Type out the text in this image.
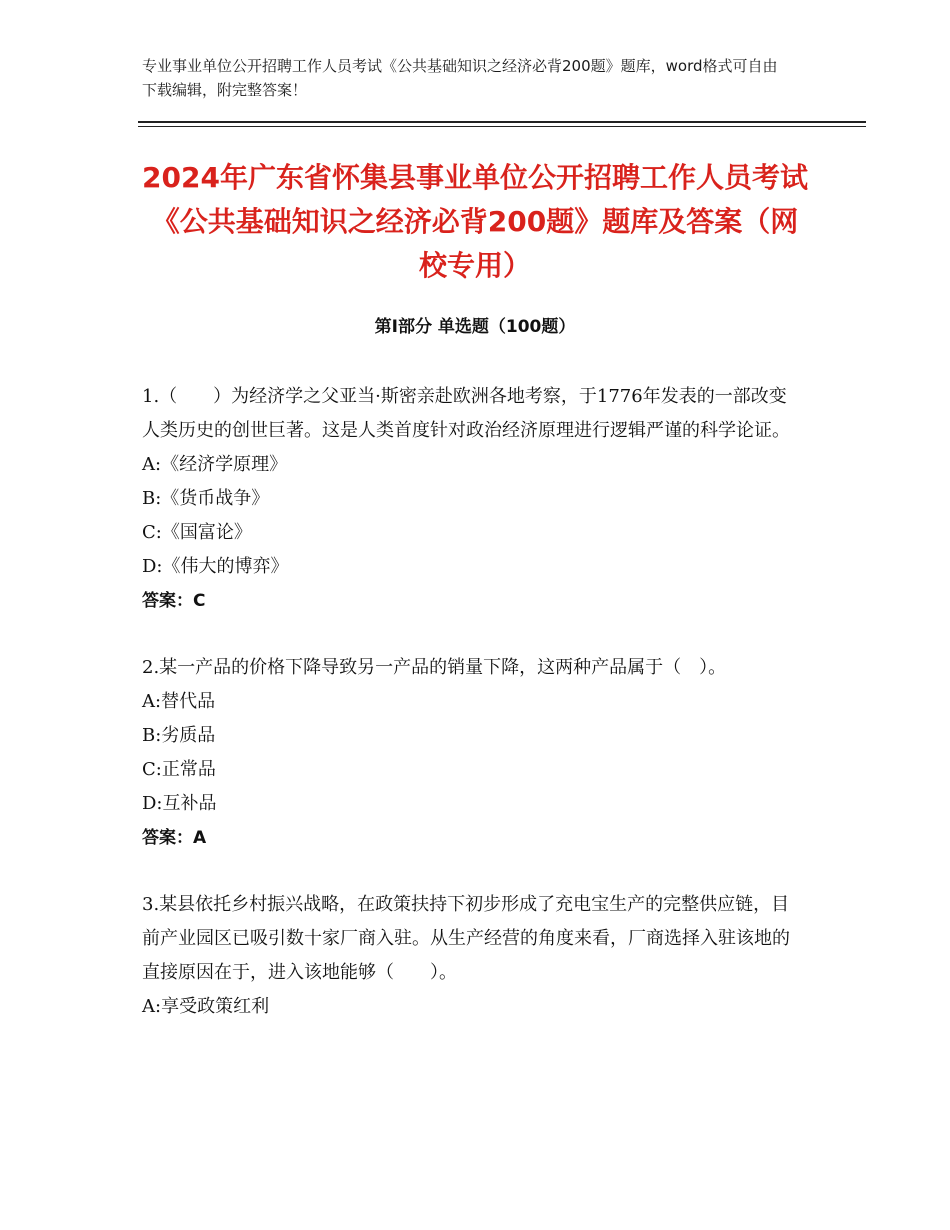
专业事业单位公开招聘工作人员考试《公共基础知识之经济必背200题》题库，word格式可自由下载编辑，附完整答案！
2024年广东省怀集县事业单位公开招聘工作人员考试《公共基础知识之经济必背200题》题库及答案（网校专用）
第Ⅰ部分 单选题（100题）
1.（　　）为经济学之父亚当·斯密亲赴欧洲各地考察，于1776年发表的一部改变人类历史的创世巨著。这是人类首度针对政治经济原理进行逻辑严谨的科学论证。
A:《经济学原理》
B:《货币战争》
C:《国富论》
D:《伟大的博弈》
答案：C
2.某一产品的价格下降导致另一产品的销量下降，这两种产品属于（　）。
A:替代品
B:劣质品
C:正常品
D:互补品
答案：A
3.某县依托乡村振兴战略，在政策扶持下初步形成了充电宝生产的完整供应链，目前产业园区已吸引数十家厂商入驻。从生产经营的角度来看，厂商选择入驻该地的直接原因在于，进入该地能够（　　）。
A:享受政策红利
